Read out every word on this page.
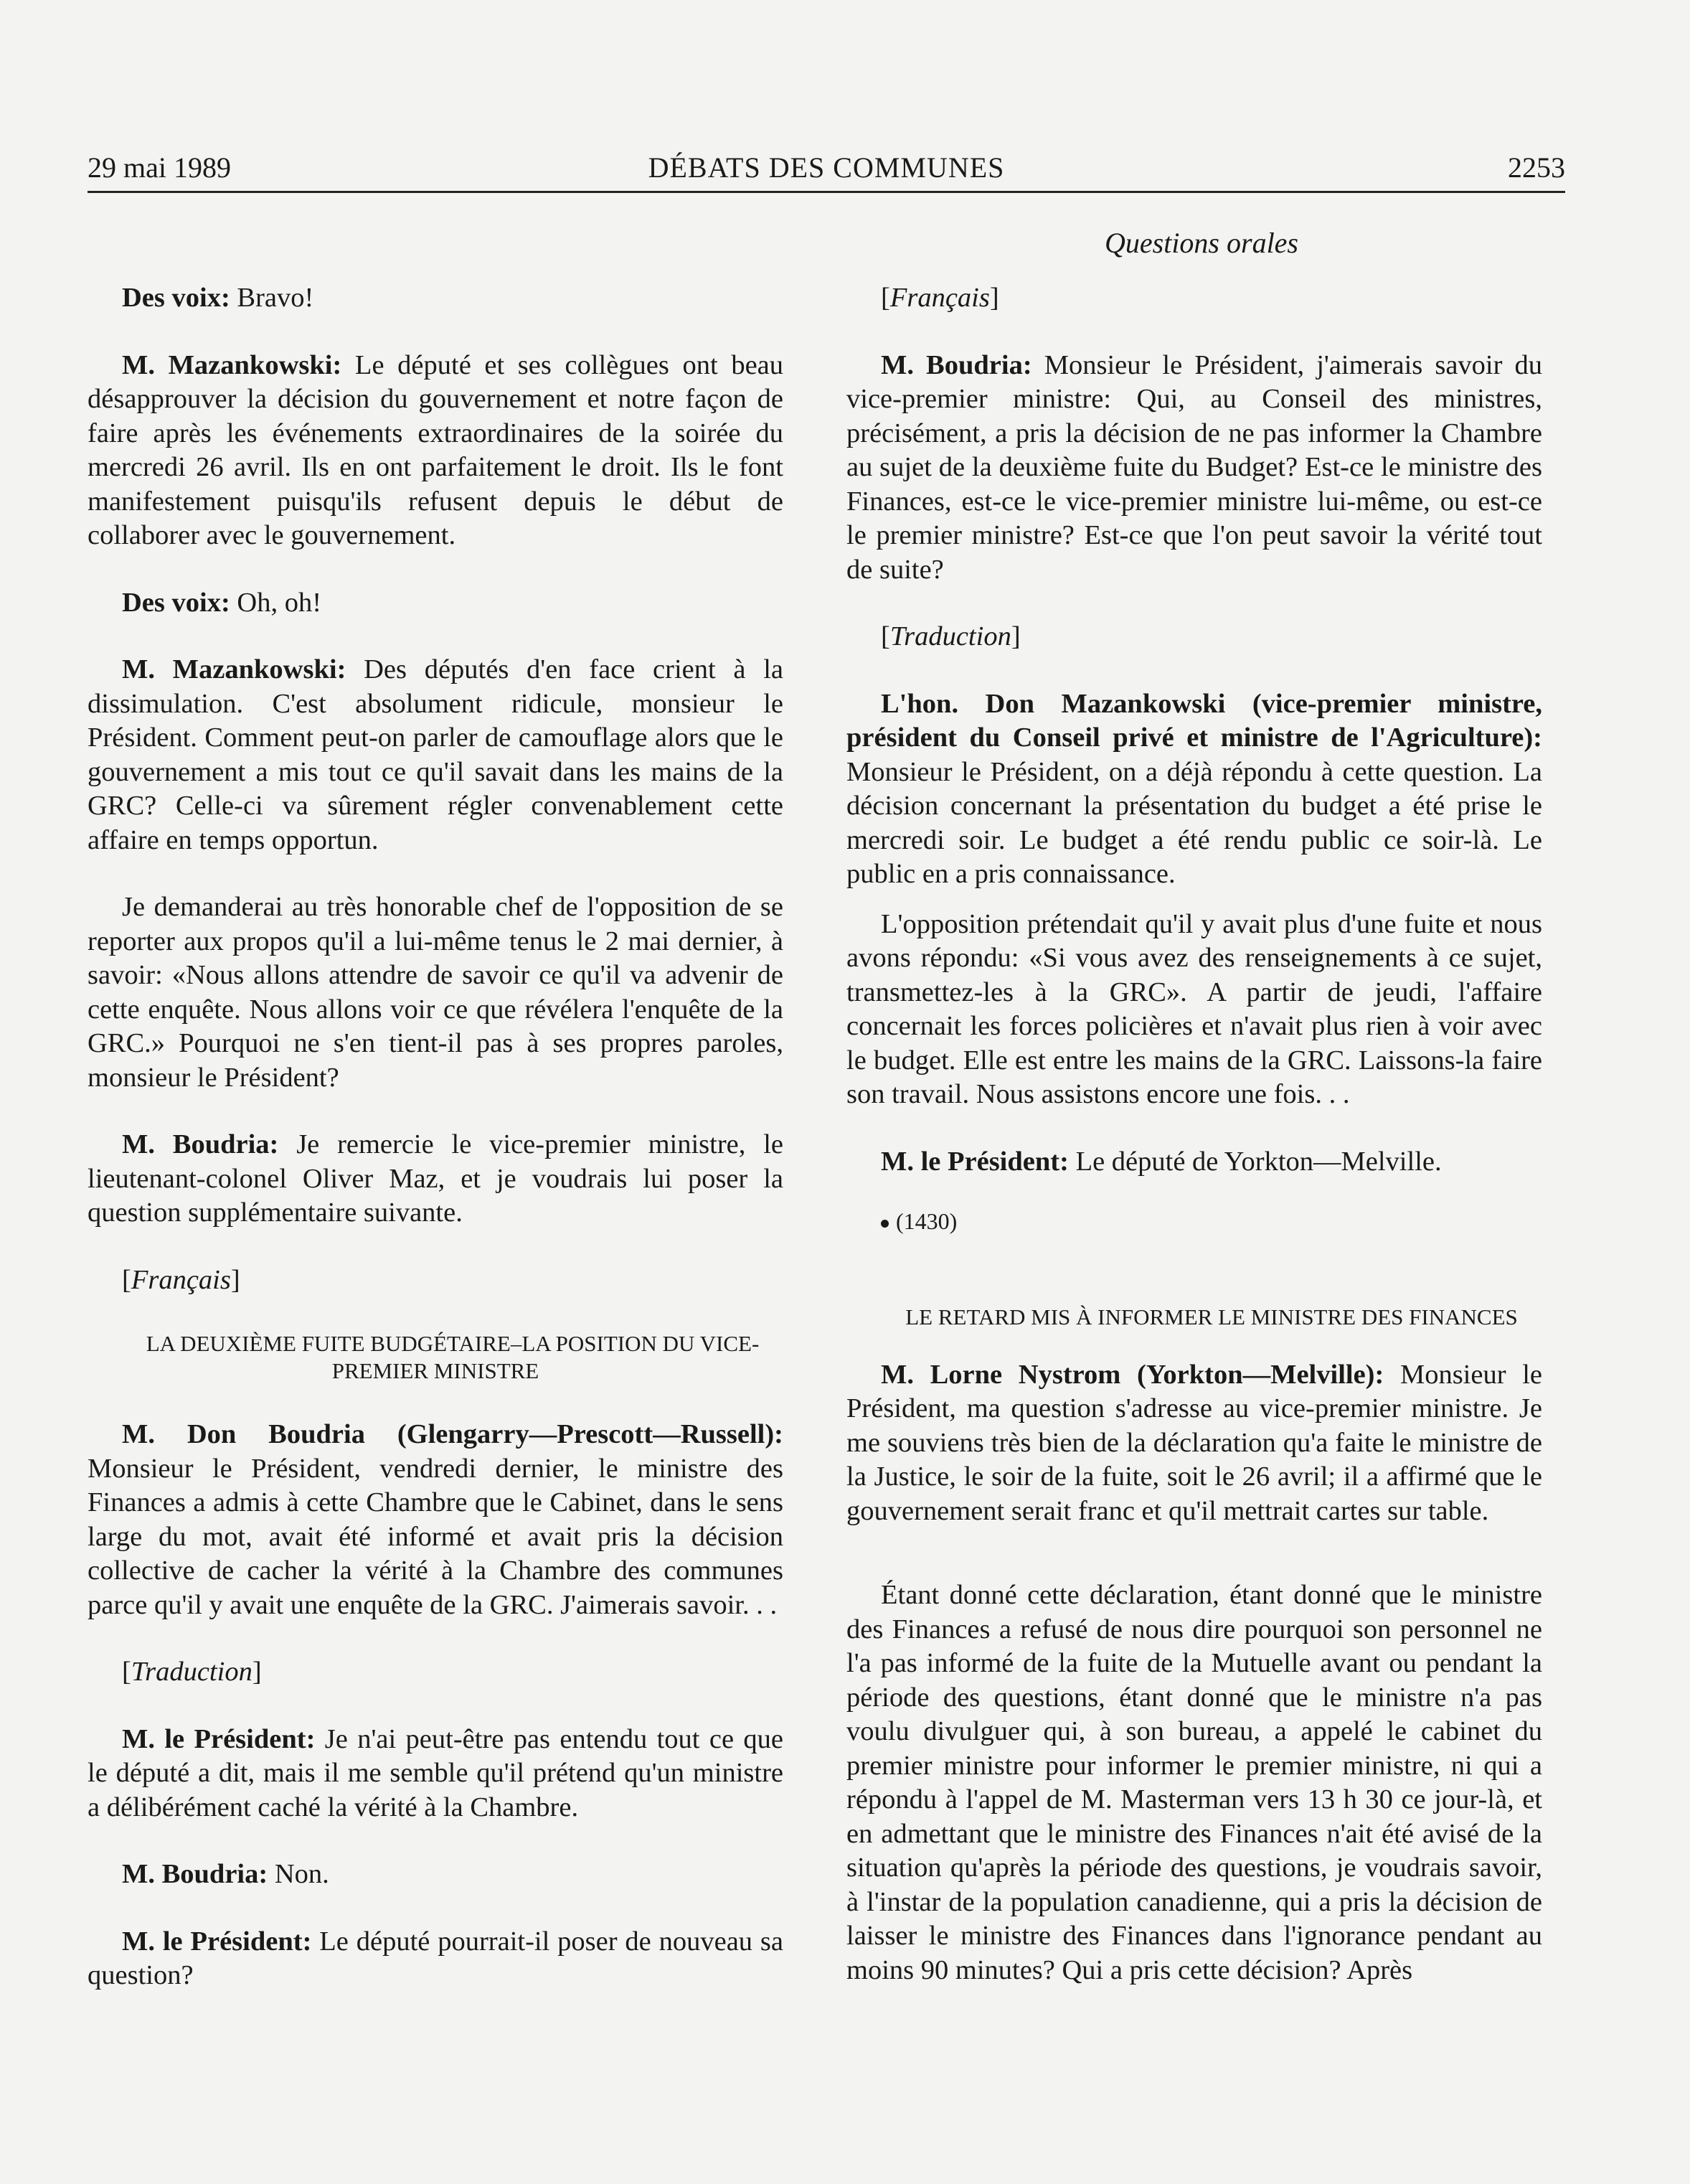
29 mai 1989	DÉBATS DES COMMUNES	2253
Questions orales

Des voix: Bravo!

M. Mazankowski: Le député et ses collègues ont beau désapprouver la décision du gouvernement et notre façon de faire après les événements extraordinaires de la soirée du mercredi 26 avril. Ils en ont parfaitement le droit. Ils le font manifestement puisqu'ils refusent depuis le début de collaborer avec le gouvernement.

Des voix: Oh, oh!

M. Mazankowski: Des députés d'en face crient à la dissimulation. C'est absolument ridicule, monsieur le Président. Comment peut-on parler de camouflage alors que le gouvernement a mis tout ce qu'il savait dans les mains de la GRC? Celle-ci va sûrement régler convenablement cette affaire en temps opportun.

Je demanderai au très honorable chef de l'opposition de se reporter aux propos qu'il a lui-même tenus le 2 mai dernier, à savoir: «Nous allons attendre de savoir ce qu'il va advenir de cette enquête. Nous allons voir ce que révélera l'enquête de la GRC.» Pourquoi ne s'en tient-il pas à ses propres paroles, monsieur le Président?

M. Boudria: Je remercie le vice-premier ministre, le lieutenant-colonel Oliver Maz, et je voudrais lui poser la question supplémentaire suivante.

[Français]

LA DEUXIÈME FUITE BUDGÉTAIRE–LA POSITION DU VICE-PREMIER MINISTRE

M. Don Boudria (Glengarry—Prescott—Russell): Monsieur le Président, vendredi dernier, le ministre des Finances a admis à cette Chambre que le Cabinet, dans le sens large du mot, avait été informé et avait pris la décision collective de cacher la vérité à la Chambre des communes parce qu'il y avait une enquête de la GRC. J'aimerais savoir. . .

[Traduction]

M. le Président: Je n'ai peut-être pas entendu tout ce que le député a dit, mais il me semble qu'il prétend qu'un ministre a délibérément caché la vérité à la Chambre.

M. Boudria: Non.

M. le Président: Le député pourrait-il poser de nouveau sa question?

[Français]

M. Boudria: Monsieur le Président, j'aimerais savoir du vice-premier ministre: Qui, au Conseil des ministres, précisément, a pris la décision de ne pas informer la Chambre au sujet de la deuxième fuite du Budget? Est-ce le ministre des Finances, est-ce le vice-premier ministre lui-même, ou est-ce le premier ministre? Est-ce que l'on peut savoir la vérité tout de suite?

[Traduction]

L'hon. Don Mazankowski (vice-premier ministre, président du Conseil privé et ministre de l'Agriculture): Monsieur le Président, on a déjà répondu à cette question. La décision concernant la présentation du budget a été prise le mercredi soir. Le budget a été rendu public ce soir-là. Le public en a pris connaissance.

L'opposition prétendait qu'il y avait plus d'une fuite et nous avons répondu: «Si vous avez des renseignements à ce sujet, transmettez-les à la GRC». A partir de jeudi, l'affaire concernait les forces policières et n'avait plus rien à voir avec le budget. Elle est entre les mains de la GRC. Laissons-la faire son travail. Nous assistons encore une fois. . .

M. le Président: Le député de Yorkton—Melville.

(1430)

LE RETARD MIS À INFORMER LE MINISTRE DES FINANCES

M. Lorne Nystrom (Yorkton—Melville): Monsieur le Président, ma question s'adresse au vice-premier ministre. Je me souviens très bien de la déclaration qu'a faite le ministre de la Justice, le soir de la fuite, soit le 26 avril; il a affirmé que le gouvernement serait franc et qu'il mettrait cartes sur table.

Étant donné cette déclaration, étant donné que le ministre des Finances a refusé de nous dire pourquoi son personnel ne l'a pas informé de la fuite de la Mutuelle avant ou pendant la période des questions, étant donné que le ministre n'a pas voulu divulguer qui, à son bureau, a appelé le cabinet du premier ministre pour informer le premier ministre, ni qui a répondu à l'appel de M. Masterman vers 13 h 30 ce jour-là, et en admettant que le ministre des Finances n'ait été avisé de la situation qu'après la période des questions, je voudrais savoir, à l'instar de la population canadienne, qui a pris la décision de laisser le ministre des Finances dans l'ignorance pendant au moins 90 minutes? Qui a pris cette décision? Après
